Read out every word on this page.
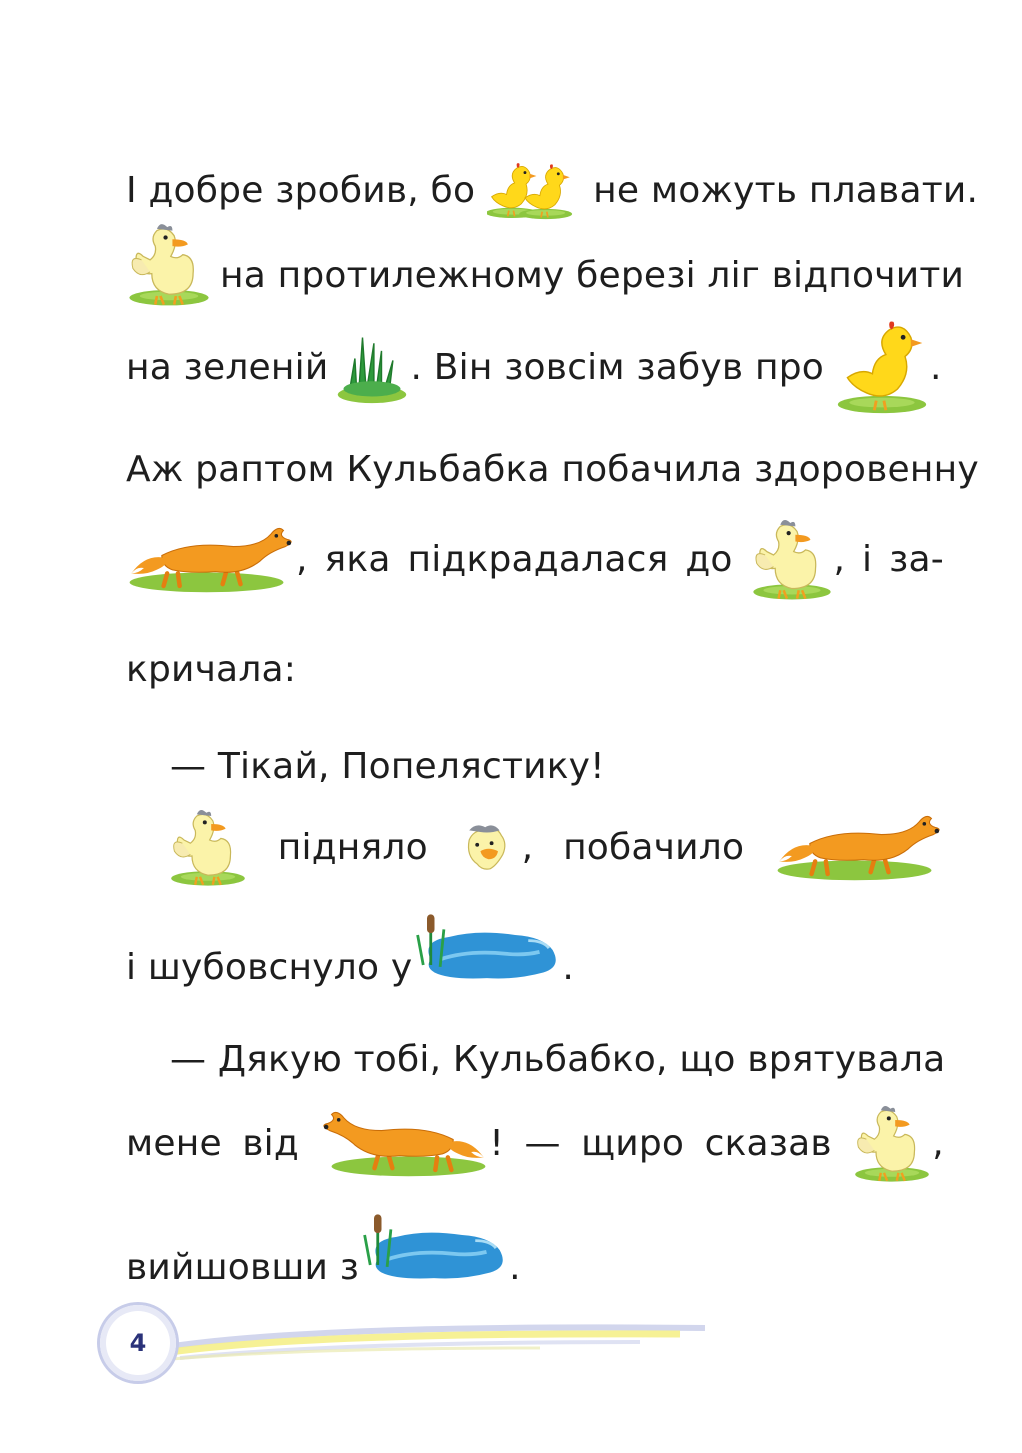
І добре зробив, бо	не можуть плавати.
на протилежному березі ліг відпочити
на зеленій . Він зовсім забув про	.
Аж раптом Кульбабка побачила здоровенну
, яка підкрадалася до	, і за-
кричала:
— Тікай, Попелястику!
підняло	, побачило
і шубовснуло у	.
— Дякую тобі, Кульбабко, що врятувала
мене від	! — щиро сказав	,
вийшовши з	.
4
